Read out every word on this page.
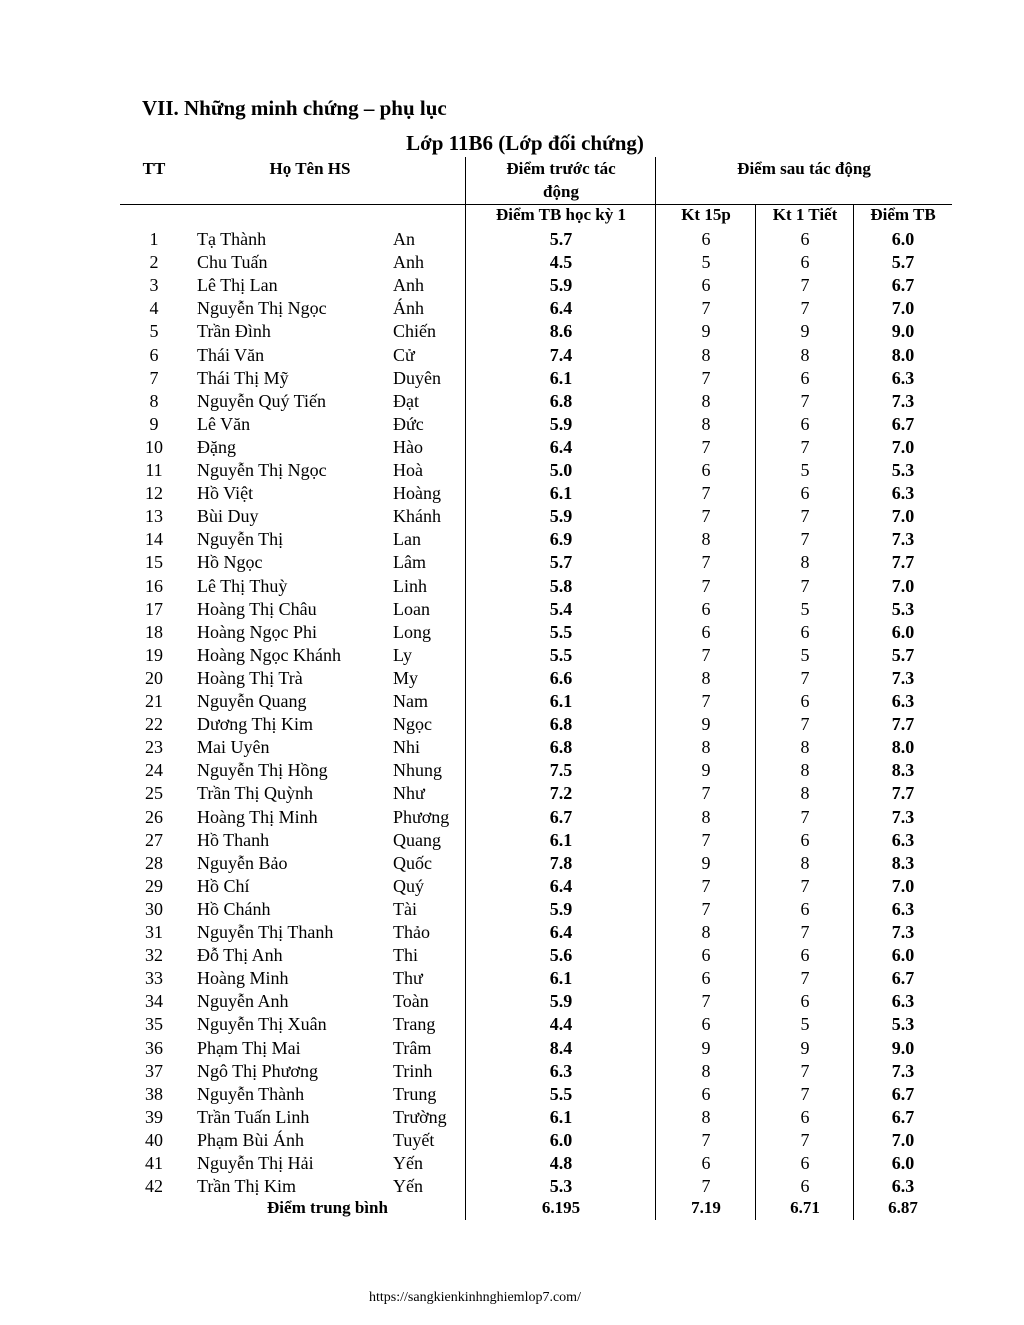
VII. Những minh chứng – phụ lục
Lớp 11B6 (Lớp đối chứng)
TT	Họ Tên HS	Điểm trước tác
động
Điểm sau tác động
Điểm TB học kỳ 1	Kt 15p	Kt 1 Tiết	Điểm TB
1	Tạ Thành	An	5.7	6	6	6.0
2	Chu Tuấn	Anh	4.5	5	6	5.7
3	Lê Thị Lan	Anh	5.9	6	7	6.7
4	Nguyễn Thị Ngọc	Ánh	6.4	7	7	7.0
5	Trần Đình	Chiến	8.6	9	9	9.0
6	Thái Văn	Cử	7.4	8	8	8.0
7	Thái Thị Mỹ	Duyên	6.1	7	6	6.3
8	Nguyễn Quý Tiến	Đạt	6.8	8	7	7.3
9	Lê Văn	Đức	5.9	8	6	6.7
10	Đặng	Hào	6.4	7	7	7.0
11	Nguyễn Thị Ngọc	Hoà	5.0	6	5	5.3
12	Hồ Việt	Hoàng	6.1	7	6	6.3
13	Bùi Duy	Khánh	5.9	7	7	7.0
14	Nguyễn Thị	Lan	6.9	8	7	7.3
15	Hồ Ngọc	Lâm	5.7	7	8	7.7
16	Lê Thị Thuỳ	Linh	5.8	7	7	7.0
17	Hoàng Thị Châu	Loan	5.4	6	5	5.3
18	Hoàng Ngọc Phi	Long	5.5	6	6	6.0
19	Hoàng Ngọc Khánh	Ly	5.5	7	5	5.7
20	Hoàng Thị Trà	My	6.6	8	7	7.3
21	Nguyễn Quang	Nam	6.1	7	6	6.3
22	Dương Thị Kim	Ngọc	6.8	9	7	7.7
23	Mai Uyên	Nhi	6.8	8	8	8.0
24	Nguyễn Thị Hồng	Nhung	7.5	9	8	8.3
25	Trần Thị Quỳnh	Như	7.2	7	8	7.7
26	Hoàng Thị Minh	Phương	6.7	8	7	7.3
27	Hồ Thanh	Quang	6.1	7	6	6.3
28	Nguyễn Bảo	Quốc	7.8	9	8	8.3
29	Hồ Chí	Quý	6.4	7	7	7.0
30	Hồ Chánh	Tài	5.9	7	6	6.3
31	Nguyễn Thị Thanh	Thảo	6.4	8	7	7.3
32	Đỗ Thị Anh	Thi	5.6	6	6	6.0
33	Hoàng Minh	Thư	6.1	6	7	6.7
34	Nguyễn Anh	Toàn	5.9	7	6	6.3
35	Nguyễn Thị Xuân	Trang	4.4	6	5	5.3
36	Phạm Thị Mai	Trâm	8.4	9	9	9.0
37	Ngô Thị Phương	Trinh	6.3	8	7	7.3
38	Nguyễn Thành	Trung	5.5	6	7	6.7
39	Trần Tuấn Linh	Trường	6.1	8	6	6.7
40	Phạm Bùi Ánh	Tuyết	6.0	7	7	7.0
41	Nguyễn Thị Hải	Yến	4.8	6	6	6.0
42	Trần Thị Kim	Yến	5.3	7	6	6.3
Điểm trung bình	6.195	7.19	6.71	6.87
https://sangkienkinhnghiemlop7.com/
